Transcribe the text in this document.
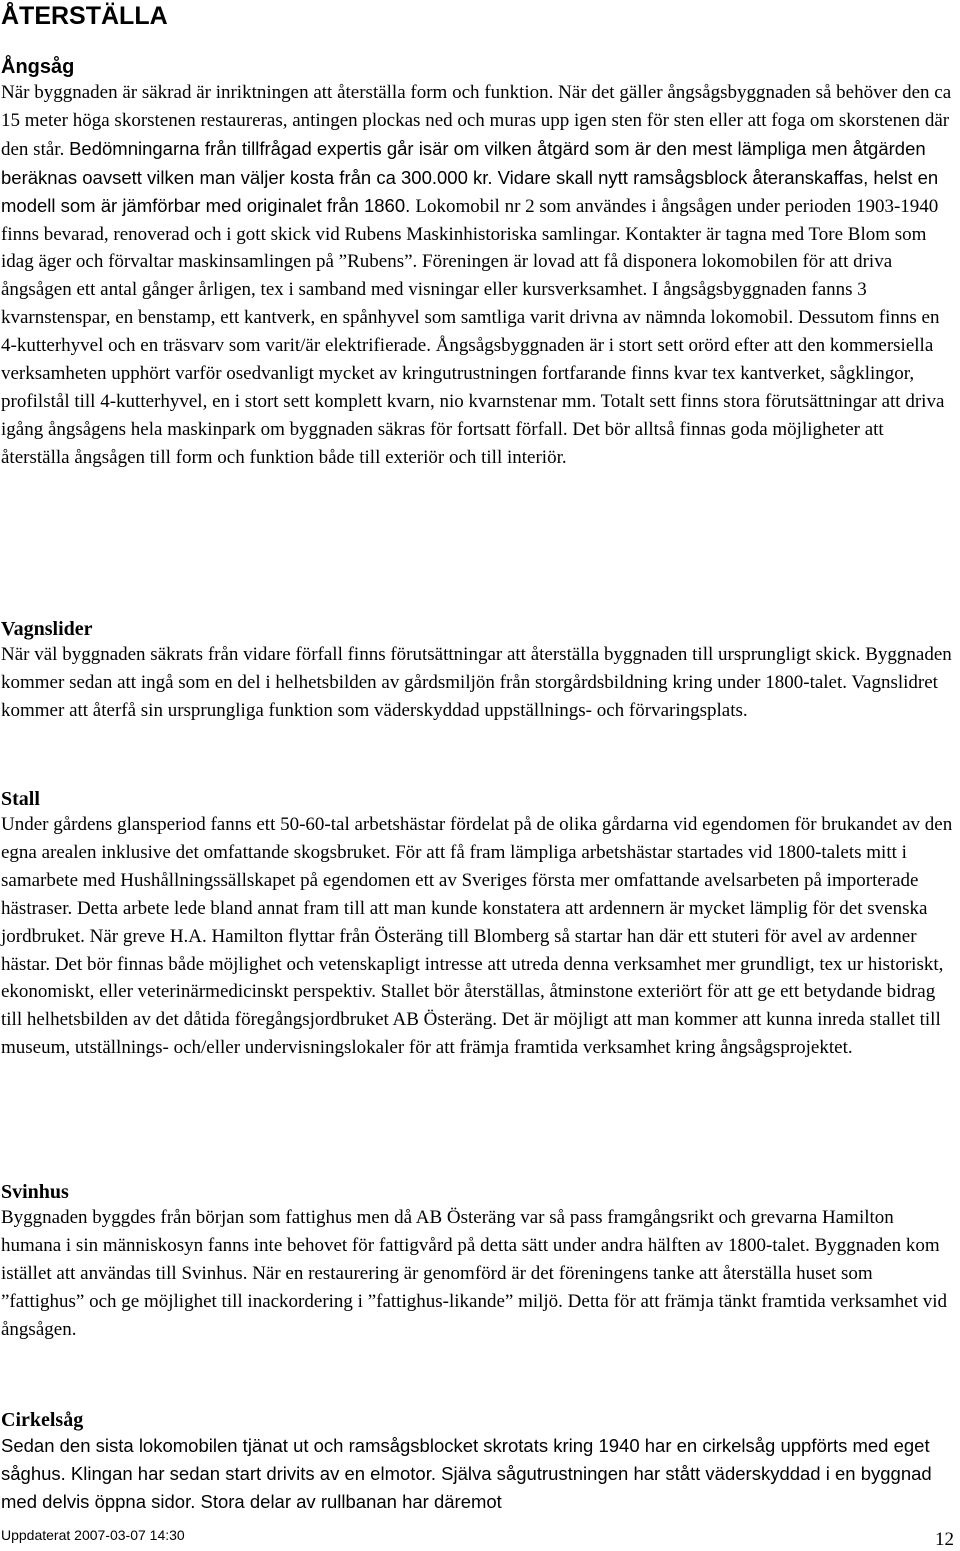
ÅTERSTÄLLA
Ångsåg

När byggnaden är säkrad är inriktningen att återställa form och funktion. När det gäller ångsågsbyggnaden så behöver den ca 15 meter höga skorstenen restaureras, antingen plockas ned och muras upp igen sten för sten eller att foga om skorstenen där den står. Bedömningarna från tillfrågad expertis går isär om vilken åtgärd som är den mest lämpliga men åtgärden beräknas oavsett vilken man väljer kosta från ca 300.000 kr. Vidare skall nytt ramsågsblock återanskaffas, helst en modell som är jämförbar med originalet från 1860. Lokomobil nr 2 som användes i ångsågen under perioden 1903-1940 finns bevarad, renoverad och i gott skick vid Rubens Maskinhistoriska samlingar. Kontakter är tagna med Tore Blom som idag äger och förvaltar maskinsamlingen på ”Rubens”. Föreningen är lovad att få disponera lokomobilen för att driva ångsågen ett antal gånger årligen, tex i samband med visningar eller kursverksamhet. I ångsågsbyggnaden fanns 3 kvarnstenspar, en benstamp, ett kantverk, en spånhyvel som samtliga varit drivna av nämnda lokomobil. Dessutom finns en 4-kutterhyvel och en träsvarv som varit/är elektrifierade. Ångsågsbyggnaden är i stort sett orörd efter att den kommersiella verksamheten upphört varför osedvanligt mycket av kringutrustningen fortfarande finns kvar tex kantverket, sågklingor, profilstål till 4-kutterhyvel, en i stort sett komplett kvarn, nio kvarnstenar mm. Totalt sett finns stora förutsättningar att driva igång ångsågens hela maskinpark om byggnaden säkras för fortsatt förfall. Det bör alltså finnas goda möjligheter att återställa ångsågen till form och funktion både till exteriör och till interiör.

Vagnslider

När väl byggnaden säkrats från vidare förfall finns förutsättningar att återställa byggnaden till ursprungligt skick. Byggnaden kommer sedan att ingå som en del i helhetsbilden av gårdsmiljön från storgårdsbildning kring under 1800-talet. Vagnslidret kommer att återfå sin ursprungliga funktion som väderskyddad uppställnings- och förvaringsplats.

Stall

Under gårdens glansperiod fanns ett 50-60-tal arbetshästar fördelat på de olika gårdarna vid egendomen för brukandet av den egna arealen inklusive det omfattande skogsbruket. För att få fram lämpliga arbetshästar startades vid 1800-talets mitt i samarbete med Hushållningssällskapet på egendomen ett av Sveriges första mer omfattande avelsarbeten på importerade hästraser. Detta arbete lede bland annat fram till att man kunde konstatera att ardennern är mycket lämplig för det svenska jordbruket. När greve H.A. Hamilton flyttar från Österäng till Blomberg så startar han där ett stuteri för avel av ardenner hästar. Det bör finnas både möjlighet och vetenskapligt intresse att utreda denna verksamhet mer grundligt, tex ur historiskt, ekonomiskt, eller veterinärmedicinskt perspektiv. Stallet bör återställas, åtminstone exteriört för att ge ett betydande bidrag till helhetsbilden av det dåtida föregångsjordbruket AB Österäng. Det är möjligt att man kommer att kunna inreda stallet till museum, utställnings- och/eller undervisningslokaler för att främja framtida verksamhet kring ångsågsprojektet.

Svinhus

Byggnaden byggdes från början som fattighus men då AB Österäng var så pass framgångsrikt och grevarna Hamilton humana i sin människosyn fanns inte behovet för fattigvård på detta sätt under andra hälften av 1800-talet. Byggnaden kom istället att användas till Svinhus. När en restaurering är genomförd är det föreningens tanke att återställa huset som ”fattighus” och ge möjlighet till inackordering i ”fattighus-likande” miljö. Detta för att främja tänkt framtida verksamhet vid ångsågen.

Cirkelsåg

Sedan den sista lokomobilen tjänat ut och ramsågsblocket skrotats kring 1940 har en cirkelsåg uppförts med eget såghus. Klingan har sedan start drivits av en elmotor. Själva sågutrustningen har stått väderskyddad i en byggnad med delvis öppna sidor. Stora delar av rullbanan har däremot

Uppdaterat 2007-03-07 14:30	12
